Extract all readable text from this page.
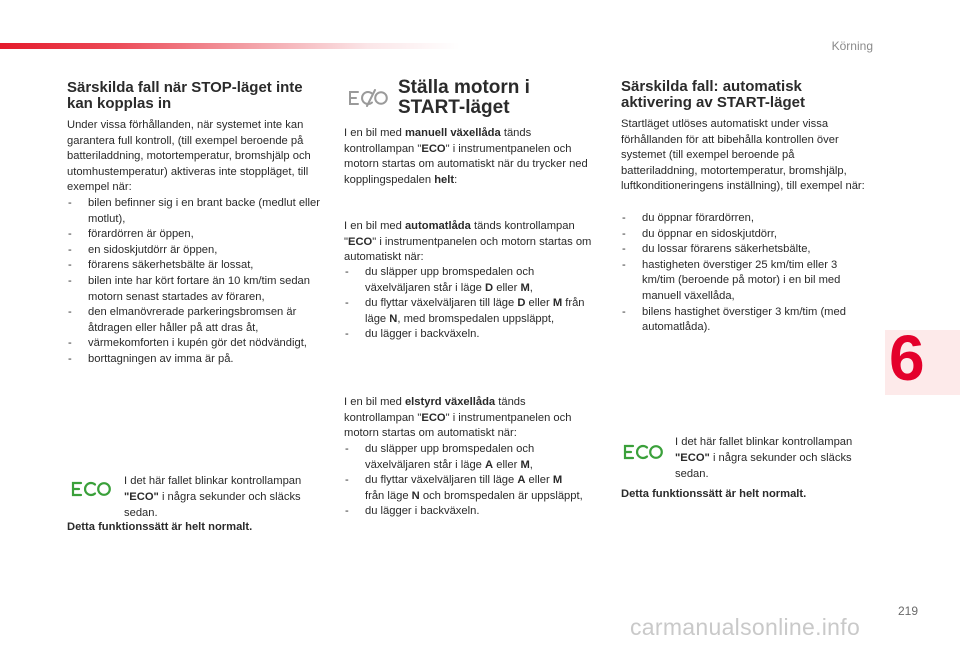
Körning
Särskilda fall när STOP-läget inte kan kopplas in

Under vissa förhållanden, när systemet inte kan garantera full kontroll, (till exempel beroende på batteriladdning, motortemperatur, bromshjälp och utomhustemperatur) aktiveras inte stoppläget, till exempel när:

- bilen befinner sig i en brant backe (medlut eller motlut),
- förardörren är öppen,
- en sidoskjutdörr är öppen,
- förarens säkerhetsbälte är lossat,
- bilen inte har kört fortare än 10 km/tim sedan motorn senast startades av föraren,
- den elmanövrerade parkeringsbromsen är åtdragen eller håller på att dras åt,
- värmekomforten i kupén gör det nödvändigt,
- borttagningen av imma är på.

I det här fallet blinkar kontrollampan "ECO" i några sekunder och släcks sedan.

Detta funktionssätt är helt normalt.

Ställa motorn i START-läget

I en bil med manuell växellåda tänds kontrollampan "ECO" i instrumentpanelen och motorn startas om automatiskt när du trycker ned kopplingspedalen helt:

I en bil med automatlåda tänds kontrollampan "ECO" i instrumentpanelen och motorn startas om automatiskt när:

- du släpper upp bromspedalen och växelväljaren står i läge D eller M,
- du flyttar växelväljaren till läge D eller M från läge N, med bromspedalen uppsläppt,
- du lägger i backväxeln.

I en bil med elstyrd växellåda tänds kontrollampan "ECO" i instrumentpanelen och motorn startas om automatiskt när:

- du släpper upp bromspedalen och växelväljaren står i läge A eller M,
- du flyttar växelväljaren till läge A eller M från läge N och bromspedalen är uppsläppt,
- du lägger i backväxeln.
Särskilda fall: automatisk aktivering av START-läget

Startläget utlöses automatiskt under vissa förhållanden för att bibehålla kontrollen över systemet (till exempel beroende på batteriladdning, motortemperatur, bromshjälp, luftkonditioneringens inställning), till exempel när:

- du öppnar förardörren,
- du öppnar en sidoskjutdörr,
- du lossar förarens säkerhetsbälte,
- hastigheten överstiger 25 km/tim eller 3 km/tim (beroende på motor) i en bil med manuell växellåda,
- bilens hastighet överstiger 3 km/tim (med automatlåda).

I det här fallet blinkar kontrollampan "ECO" i några sekunder och släcks sedan.

Detta funktionssätt är helt normalt.

6
219
carmanualsonline.info
